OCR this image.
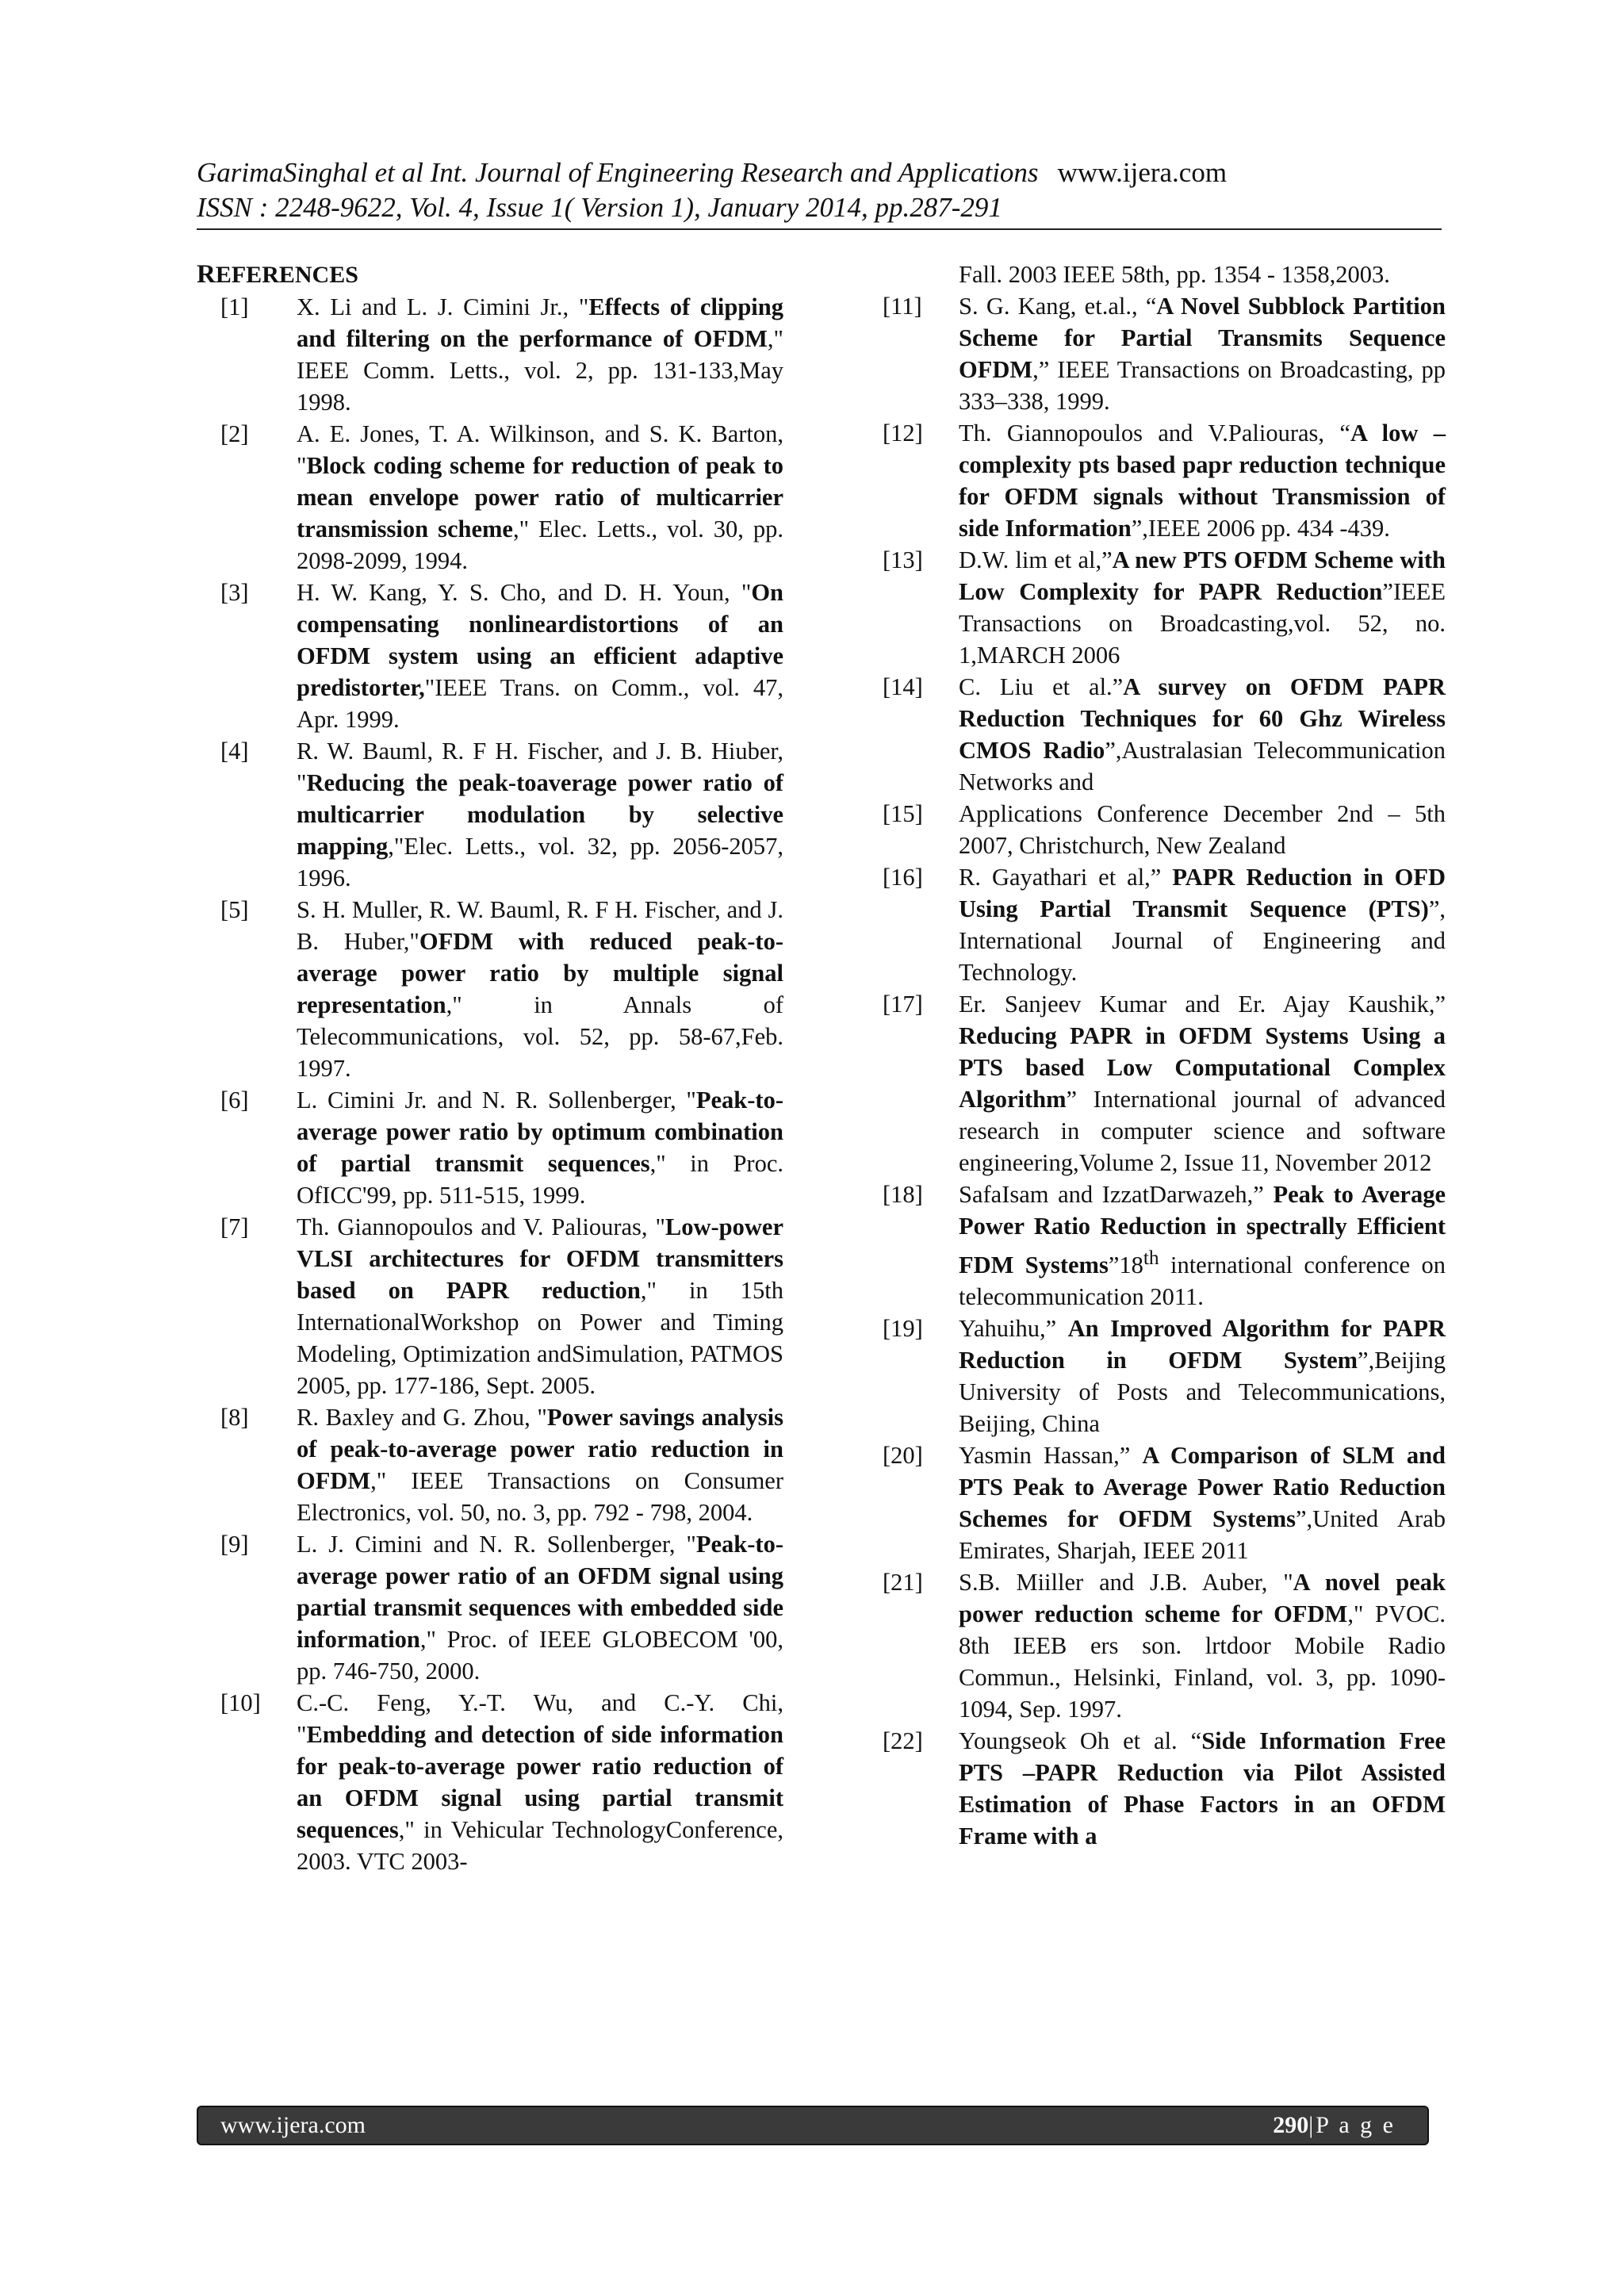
GarimaSinghal et al Int. Journal of Engineering Research and Applications www.ijera.com
ISSN : 2248-9622, Vol. 4, Issue 1( Version 1), January 2014, pp.287-291
REFERENCES
[1] X. Li and L. J. Cimini Jr., "Effects of clipping and filtering on the performance of OFDM," IEEE Comm. Letts., vol. 2, pp. 131-133,May 1998.
[2] A. E. Jones, T. A. Wilkinson, and S. K. Barton, "Block coding scheme for reduction of peak to mean envelope power ratio of multicarrier transmission scheme," Elec. Letts., vol. 30, pp. 2098-2099, 1994.
[3] H. W. Kang, Y. S. Cho, and D. H. Youn, "On compensating nonlineardistortions of an OFDM system using an efficient adaptive predistorter,"IEEE Trans. on Comm., vol. 47, Apr. 1999.
[4] R. W. Bauml, R. F H. Fischer, and J. B. Hiuber, "Reducing the peak-toaverage power ratio of multicarrier modulation by selective mapping,"Elec. Letts., vol. 32, pp. 2056-2057, 1996.
[5] S. H. Muller, R. W. Bauml, R. F H. Fischer, and J. B. Huber,"OFDM with reduced peak-to-average power ratio by multiple signal representation," in Annals of Telecommunications, vol. 52, pp. 58-67,Feb. 1997.
[6] L. Cimini Jr. and N. R. Sollenberger, "Peak-to-average power ratio by optimum combination of partial transmit sequences," in Proc. OfICC'99, pp. 511-515, 1999.
[7] Th. Giannopoulos and V. Paliouras, "Low-power VLSI architectures for OFDM transmitters based on PAPR reduction," in 15th InternationalWorkshop on Power and Timing Modeling, Optimization andSimulation, PATMOS 2005, pp. 177-186, Sept. 2005.
[8] R. Baxley and G. Zhou, "Power savings analysis of peak-to-average power ratio reduction in OFDM," IEEE Transactions on Consumer Electronics, vol. 50, no. 3, pp. 792 - 798, 2004.
[9] L. J. Cimini and N. R. Sollenberger, "Peak-to-average power ratio of an OFDM signal using partial transmit sequences with embedded side information," Proc. of IEEE GLOBECOM '00, pp. 746-750, 2000.
[10] C.-C. Feng, Y.-T. Wu, and C.-Y. Chi, "Embedding and detection of side information for peak-to-average power ratio reduction of an OFDM signal using partial transmit sequences," in Vehicular TechnologyConference, 2003. VTC 2003-
Fall. 2003 IEEE 58th, pp. 1354 - 1358,2003.
[11] S. G. Kang, et.al., “A Novel Subblock Partition Scheme for Partial Transmits Sequence OFDM,” IEEE Transactions on Broadcasting, pp 333–338, 1999.
[12] Th. Giannopoulos and V.Paliouras, “A low – complexity pts based papr reduction technique for OFDM signals without Transmission of side Information”,IEEE 2006 pp. 434 -439.
[13] D.W. lim et al,”A new PTS OFDM Scheme with Low Complexity for PAPR Reduction”IEEE Transactions on Broadcasting,vol. 52, no. 1,MARCH 2006
[14] C. Liu et al.”A survey on OFDM PAPR Reduction Techniques for 60 Ghz Wireless CMOS Radio”,Australasian Telecommunication Networks and
[15] Applications Conference December 2nd – 5th 2007, Christchurch, New Zealand
[16] R. Gayathari et al,” PAPR Reduction in OFD Using Partial Transmit Sequence (PTS)”, International Journal of Engineering and Technology.
[17] Er. Sanjeev Kumar and Er. Ajay Kaushik,” Reducing PAPR in OFDM Systems Using a PTS based Low Computational Complex Algorithm” International journal of advanced research in computer science and software engineering,Volume 2, Issue 11, November 2012
[18] SafaIsam and IzzatDarwazeh,” Peak to Average Power Ratio Reduction in spectrally Efficient FDM Systems”18th international conference on telecommunication 2011.
[19] Yahuihu,” An Improved Algorithm for PAPR Reduction in OFDM System”,Beijing University of Posts and Telecommunications, Beijing, China
[20] Yasmin Hassan,” A Comparison of SLM and PTS Peak to Average Power Ratio Reduction Schemes for OFDM Systems”,United Arab Emirates, Sharjah, IEEE 2011
[21] S.B. Miiller and J.B. Auber, "A novel peak power reduction scheme for OFDM," PVOC. 8th IEEB ers son. lrtdoor Mobile Radio Commun., Helsinki, Finland, vol. 3, pp. 1090-1094, Sep. 1997.
[22] Youngseok Oh et al. “Side Information Free PTS –PAPR Reduction via Pilot Assisted Estimation of Phase Factors in an OFDM Frame with a
www.ijera.com	290|P a g e
